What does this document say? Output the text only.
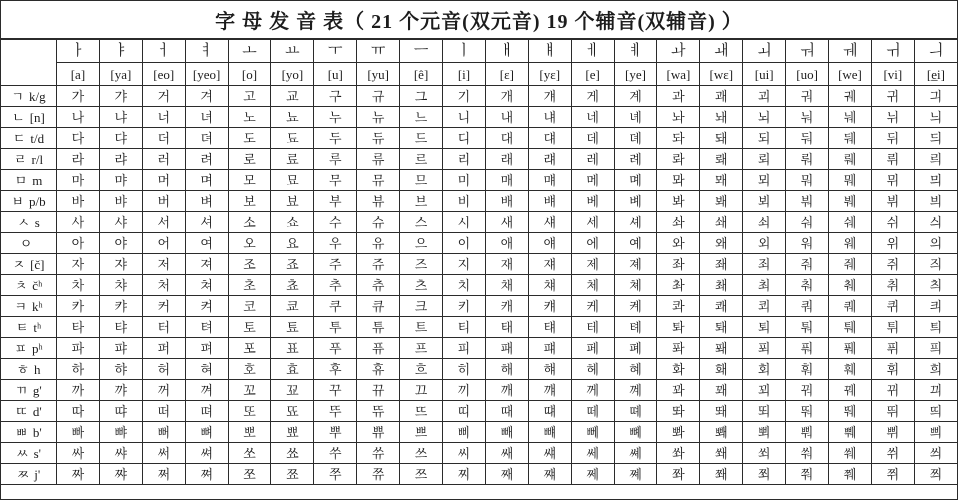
字 母 发 音 表（ 21 个元音(双元音) 19 个辅音(双辅音) ）
	ㅏ	ㅑ	ㅓ	ㅕ	ㅗ	ㅛ	ㅜ	ㅠ	ㅡ	ㅣ	ㅐ	ㅒ	ㅔ	ㅖ	ㅘ	ㅙ	ㅚ	ㅝ	ㅞ	ㅟ	ㅢ
	[a]	[ya]	[eo]	[yeo]	[o]	[yo]	[u]	[yu]	[ê]	[i]	[ɛ]	[yɛ]	[e]	[ye]	[wa]	[wɛ]	[ui]	[uo]	[we]	[vi]	[e̲i]
ㄱ k/g	가	갸	거	겨	고	교	구	규	그	기	개	걔	게	계	과	괘	괴	궈	궤	귀	긔
ㄴ [n]	나	냐	너	녀	노	뇨	누	뉴	느	니	내	냬	네	녜	놔	놰	뇌	눠	눼	뉘	늬
ㄷ t/d	다	댜	더	뎌	도	됴	두	듀	드	디	대	댸	데	뎨	돠	돼	되	둬	뒈	뒤	듸
ㄹ r/l	라	랴	러	려	로	료	루	류	르	리	래	럐	레	례	롸	뢔	뢰	뤄	뤠	뤼	릐
ㅁ m	마	먀	머	며	모	묘	무	뮤	므	미	매	먜	메	몌	뫄	뫠	뫼	뭐	뭬	뮈	믜
ㅂ p/b	바	뱌	버	벼	보	뵤	부	뷰	브	비	배	뱨	베	볘	봐	봬	뵈	붜	붸	뷔	븨
ㅅ s	사	샤	서	셔	소	쇼	수	슈	스	시	새	섀	세	셰	솨	쇄	쇠	숴	쉐	쉬	싀
ㅇ	아	야	어	여	오	요	우	유	으	이	애	얘	에	예	와	왜	외	워	웨	위	의
ㅈ [č]	자	쟈	저	져	조	죠	주	쥬	즈	지	재	쟤	제	졔	좌	좨	죄	줘	줴	쥐	즤
ㅊ čʰ	차	챠	처	쳐	초	쵸	추	츄	츠	치	채	챼	체	쳬	촤	쵀	최	춰	췌	취	츼
ㅋ kʰ	카	캬	커	켜	코	쿄	쿠	큐	크	키	캐	컈	케	켸	콰	쾌	쾨	쿼	퀘	퀴	킈
ㅌ tʰ	타	탸	터	텨	토	툐	투	튜	트	티	태	턔	테	톄	톼	퇘	퇴	퉈	퉤	튀	틔
ㅍ pʰ	파	퍄	퍼	펴	포	표	푸	퓨	프	피	패	퍠	페	폐	퐈	퐤	푀	풔	풰	퓌	픠
ㅎ h	하	햐	허	혀	호	효	후	휴	흐	히	해	햬	헤	혜	화	홰	회	훠	훼	휘	희
ㄲ g'	까	꺄	꺼	껴	꼬	꾜	꾸	뀨	끄	끼	깨	꺠	께	꼐	꽈	꽤	꾀	꿔	꿰	뀌	끠
ㄸ d'	따	땨	떠	뗘	또	뚀	뚜	뜌	뜨	띠	때	떄	떼	뗴	똬	뙈	뙤	뚸	뛔	뛰	띄
ㅃ b'	빠	뺘	뻐	뼈	뽀	뾰	뿌	쀼	쁘	삐	빼	뺴	뻬	뼤	뽜	뽸	뾔	뿨	쀄	쀠	쁴
ㅆ s'	싸	쌰	써	쎠	쏘	쑈	쑤	쓔	쓰	씨	쌔	썌	쎄	쎼	쏴	쐐	쐬	쒀	쒜	쒸	씌
ㅉ j'	짜	쨔	쩌	쪄	쪼	쬬	쭈	쮸	쯔	찌	째	쨰	쩨	쪠	쫘	쫴	쬐	쭤	쮀	쮜	쯰
